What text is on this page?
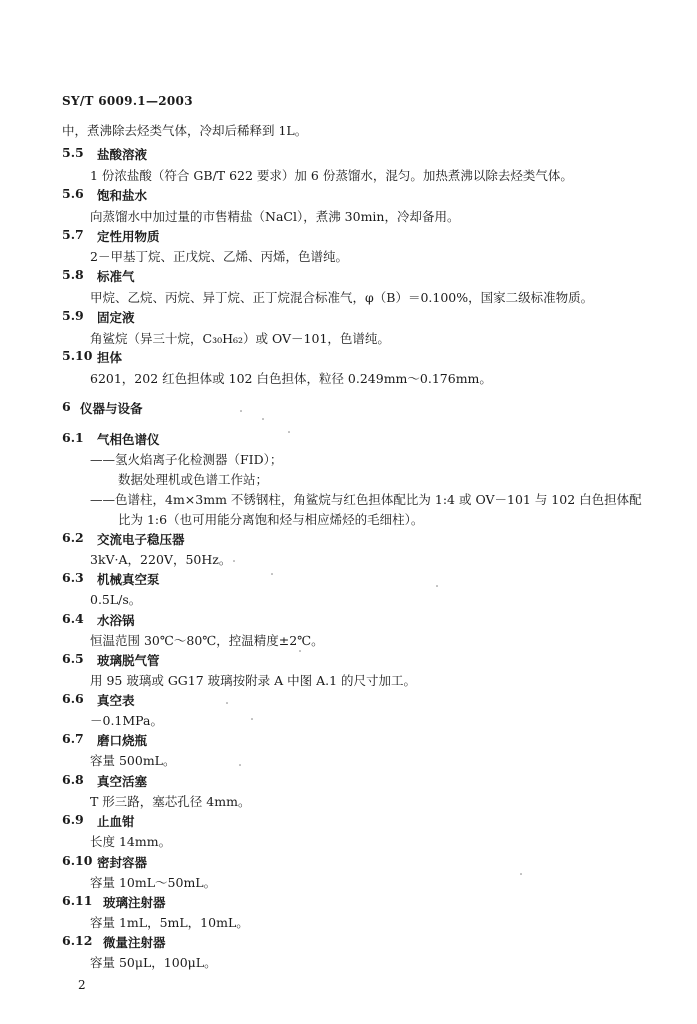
SY/T 6009.1—2003
中，煮沸除去烃类气体，冷却后稀释到 1L。
5.5 盐酸溶液
1 份浓盐酸（符合 GB/T 622 要求）加 6 份蒸馏水，混匀。加热煮沸以除去烃类气体。
5.6 饱和盐水
向蒸馏水中加过量的市售精盐（NaCl），煮沸 30min，冷却备用。
5.7 定性用物质
2－甲基丁烷、正戊烷、乙烯、丙烯，色谱纯。
5.8 标准气
甲烷、乙烷、丙烷、异丁烷、正丁烷混合标准气，φ（B）＝0.100%，国家二级标准物质。
5.9 固定液
角鲨烷（异三十烷，C₃₀H₆₂）或 OV－101，色谱纯。
5.10 担体
6201，202 红色担体或 102 白色担体，粒径 0.249mm～0.176mm。
6 仪器与设备
6.1 气相色谱仪
——氢火焰离子化检测器（FID）；
数据处理机或色谱工作站；
——色谱柱，4m×3mm 不锈钢柱，角鲨烷与红色担体配比为 1:4 或 OV－101 与 102 白色担体配
比为 1:6（也可用能分离饱和烃与相应烯烃的毛细柱）。
6.2 交流电子稳压器
3kV·A，220V，50Hz。
6.3 机械真空泵
0.5L/s。
6.4 水浴锅
恒温范围 30℃～80℃，控温精度±2℃。
6.5 玻璃脱气管
用 95 玻璃或 GG17 玻璃按附录 A 中图 A.1 的尺寸加工。
6.6 真空表
－0.1MPa。
6.7 磨口烧瓶
容量 500mL。
6.8 真空活塞
T 形三路，塞芯孔径 4mm。
6.9 止血钳
长度 14mm。
6.10 密封容器
容量 10mL～50mL。
6.11 玻璃注射器
容量 1mL，5mL，10mL。
6.12 微量注射器
容量 50μL，100μL。
2
